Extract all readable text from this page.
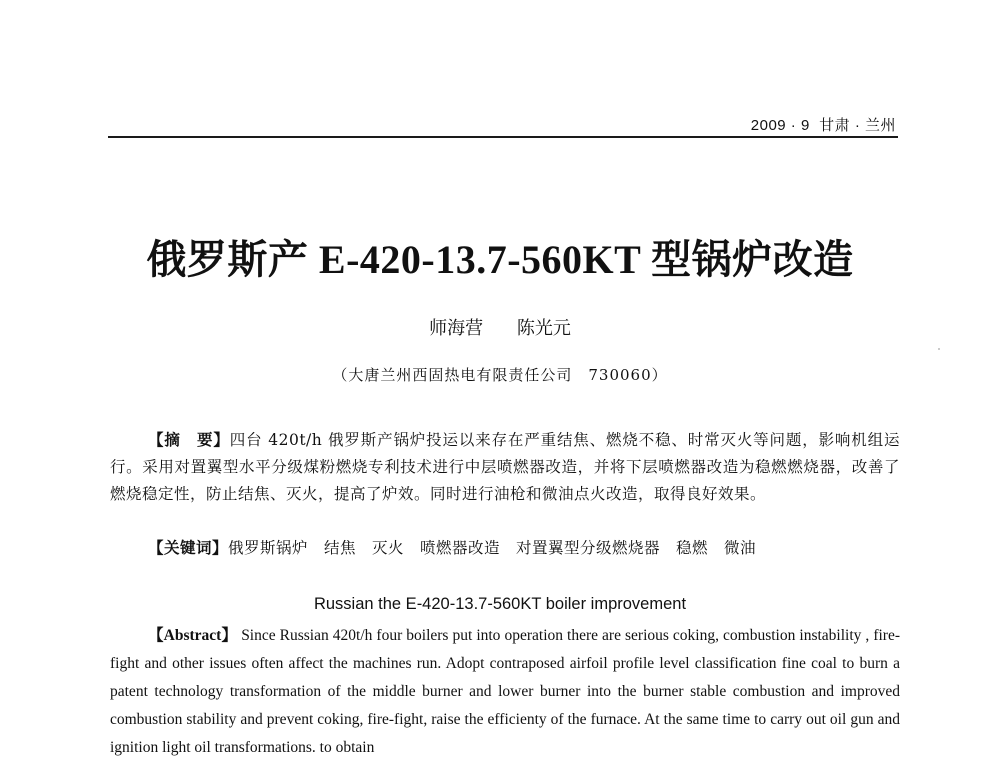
2009 · 9 甘肃 · 兰州
俄罗斯产 E-420-13.7-560KT 型锅炉改造
师海营 陈光元
（大唐兰州西固热电有限责任公司　730060）

【摘　要】四台 420t/h 俄罗斯产锅炉投运以来存在严重结焦、燃烧不稳、时常灭火等问题，影响机组运行。采用对置翼型水平分级煤粉燃烧专利技术进行中层喷燃器改造，并将下层喷燃器改造为稳燃燃烧器，改善了燃烧稳定性，防止结焦、灭火，提高了炉效。同时进行油枪和微油点火改造，取得良好效果。

【关键词】俄罗斯锅炉　结焦　灭火　喷燃器改造　对置翼型分级燃烧器　稳燃　微油
Russian the E-420-13.7-560KT boiler improvement

【Abstract】 Since Russian 420t/h four boilers put into operation there are serious coking, combustion instability , fire-fight and other issues often affect the machines run. Adopt contraposed airfoil profile level classification fine coal to burn a patent technology transformation of the middle burner and lower burner into the burner stable combustion and improved combustion stability and prevent coking, fire-fight, raise the efficienty of the furnace. At the same time to carry out oil gun and ignition light oil transformations. to obtain
